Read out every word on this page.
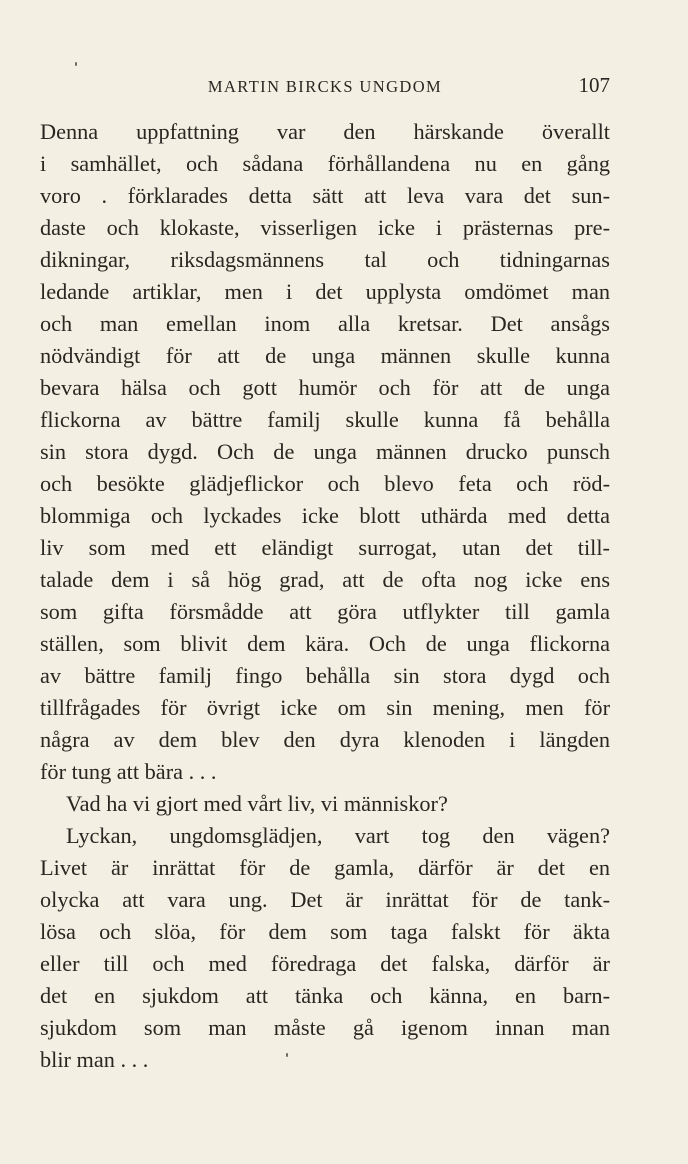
MARTIN BIRCKS UNGDOM	107
Denna uppfattning var den härskande överallt
i samhället, och sådana förhållandena nu en gång
voro . förklarades detta sätt att leva vara det sun-
daste och klokaste, visserligen icke i prästernas pre-
dikningar, riksdagsmännens tal och tidningarnas
ledande artiklar, men i det upplysta omdömet man
och man emellan inom alla kretsar. Det ansågs
nödvändigt för att de unga männen skulle kunna
bevara hälsa och gott humör och för att de unga
flickorna av bättre familj skulle kunna få behålla
sin stora dygd. Och de unga männen drucko punsch
och besökte glädjeflickor och blevo feta och röd-
blommiga och lyckades icke blott uthärda med detta
liv som med ett eländigt surrogat, utan det till-
talade dem i så hög grad, att de ofta nog icke ens
som gifta försmådde att göra utflykter till gamla
ställen, som blivit dem kära. Och de unga flickorna
av bättre familj fingo behålla sin stora dygd och
tillfrågades för övrigt icke om sin mening, men för
några av dem blev den dyra klenoden i längden
för tung att bära . . .
Vad ha vi gjort med vårt liv, vi människor?
Lyckan, ungdomsglädjen, vart tog den vägen?
Livet är inrättat för de gamla, därför är det en
olycka att vara ung. Det är inrättat för de tank-
lösa och slöa, för dem som taga falskt för äkta
eller till och med föredraga det falska, därför är
det en sjukdom att tänka och känna, en barn-
sjukdom som man måste gå igenom innan man
blir man . . .
